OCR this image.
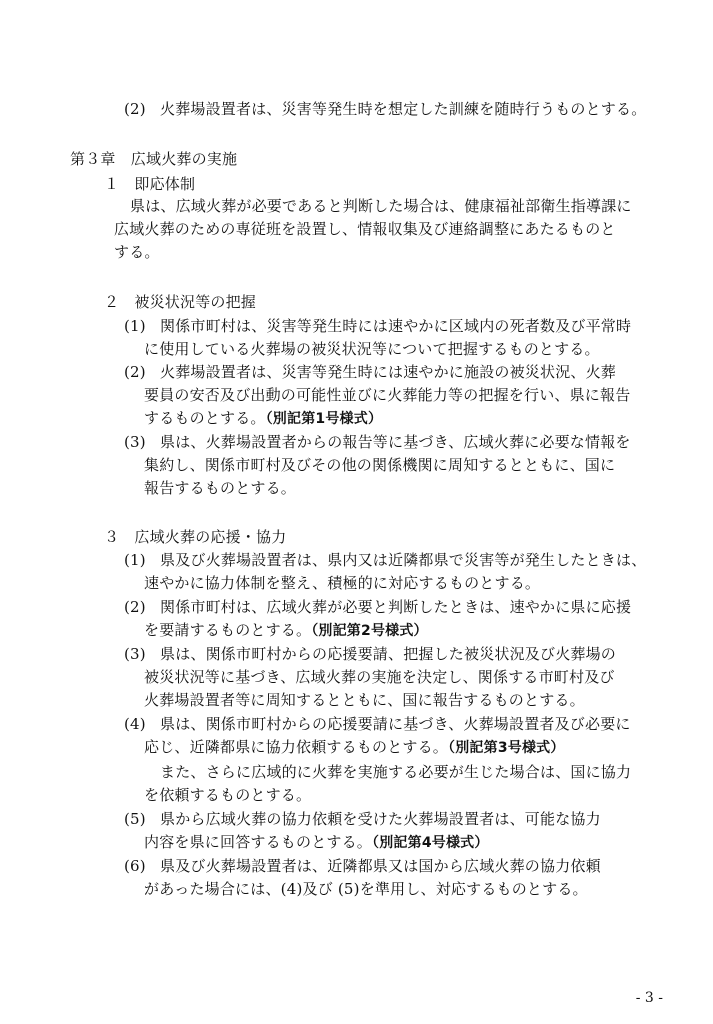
(2) 火葬場設置者は、災害等発生時を想定した訓練を随時行うものとする。
第３章　広域火葬の実施
１　即応体制
県は、広域火葬が必要であると判断した場合は、健康福祉部衛生指導課に
広域火葬のための専従班を設置し、情報収集及び連絡調整にあたるものと
する。
２　被災状況等の把握
(1) 関係市町村は、災害等発生時には速やかに区域内の死者数及び平常時
に使用している火葬場の被災状況等について把握するものとする。
(2) 火葬場設置者は、災害等発生時には速やかに施設の被災状況、火葬
要員の安否及び出動の可能性並びに火葬能力等の把握を行い、県に報告
するものとする。（別記第1号様式）
(3) 県は、火葬場設置者からの報告等に基づき、広域火葬に必要な情報を
集約し、関係市町村及びその他の関係機関に周知するとともに、国に
報告するものとする。
３　広域火葬の応援・協力
(1) 県及び火葬場設置者は、県内又は近隣都県で災害等が発生したときは、
速やかに協力体制を整え、積極的に対応するものとする。
(2) 関係市町村は、広域火葬が必要と判断したときは、速やかに県に応援
を要請するものとする。（別記第2号様式）
(3) 県は、関係市町村からの応援要請、把握した被災状況及び火葬場の
被災状況等に基づき、広域火葬の実施を決定し、関係する市町村及び
火葬場設置者等に周知するとともに、国に報告するものとする。
(4) 県は、関係市町村からの応援要請に基づき、火葬場設置者及び必要に
応じ、近隣都県に協力依頼するものとする。（別記第3号様式）
また、さらに広域的に火葬を実施する必要が生じた場合は、国に協力
を依頼するものとする。
(5) 県から広域火葬の協力依頼を受けた火葬場設置者は、可能な協力
内容を県に回答するものとする。（別記第4号様式）
(6) 県及び火葬場設置者は、近隣都県又は国から広域火葬の協力依頼
があった場合には、(4)及び (5)を準用し、対応するものとする。
- 3 -
